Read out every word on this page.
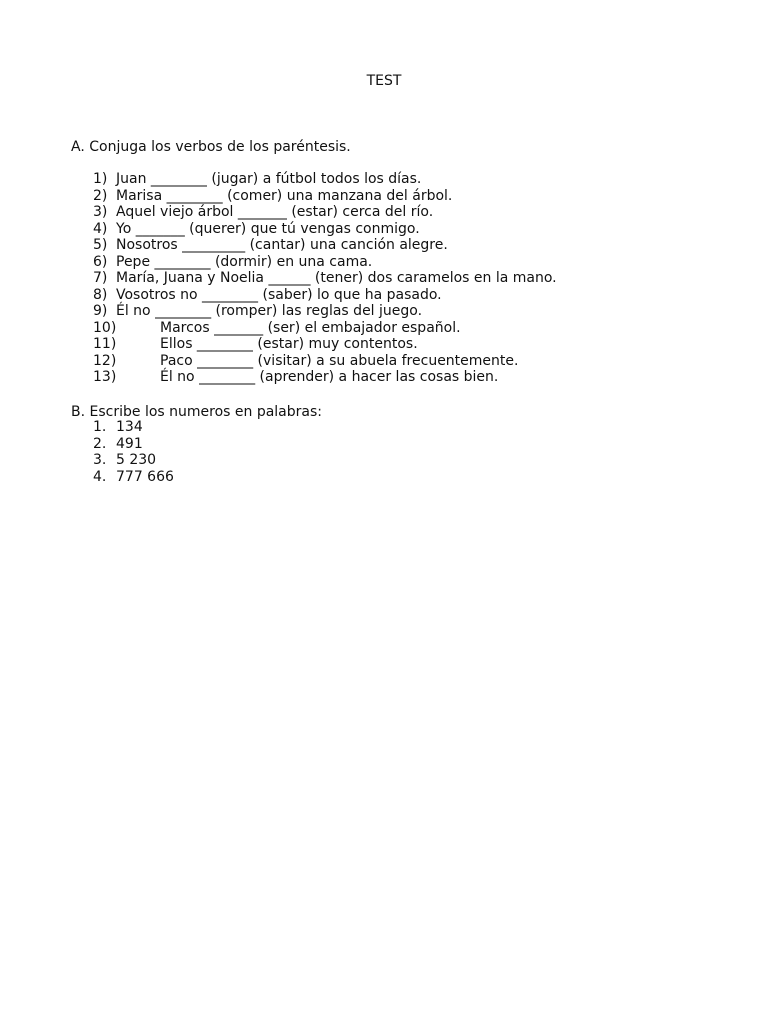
TEST
A. Conjuga los verbos de los paréntesis.
1) Juan ________ (jugar) a fútbol todos los días.
2) Marisa ________ (comer) una manzana del árbol.
3) Aquel viejo árbol _______ (estar) cerca del río.
4) Yo _______ (querer) que tú vengas conmigo.
5) Nosotros _________ (cantar) una canción alegre.
6) Pepe ________ (dormir) en una cama.
7) María, Juana y Noelia ______ (tener) dos caramelos en la mano.
8) Vosotros no ________ (saber) lo que ha pasado.
9) Él no ________ (romper) las reglas del juego.
10)	Marcos _______ (ser) el embajador español.
11)	Ellos ________ (estar) muy contentos.
12)	Paco ________ (visitar) a su abuela frecuentemente.
13)	Él no ________ (aprender) a hacer las cosas bien.
B. Escribe los numeros en palabras:
1. 134
2. 491
3. 5 230
4. 777 666
